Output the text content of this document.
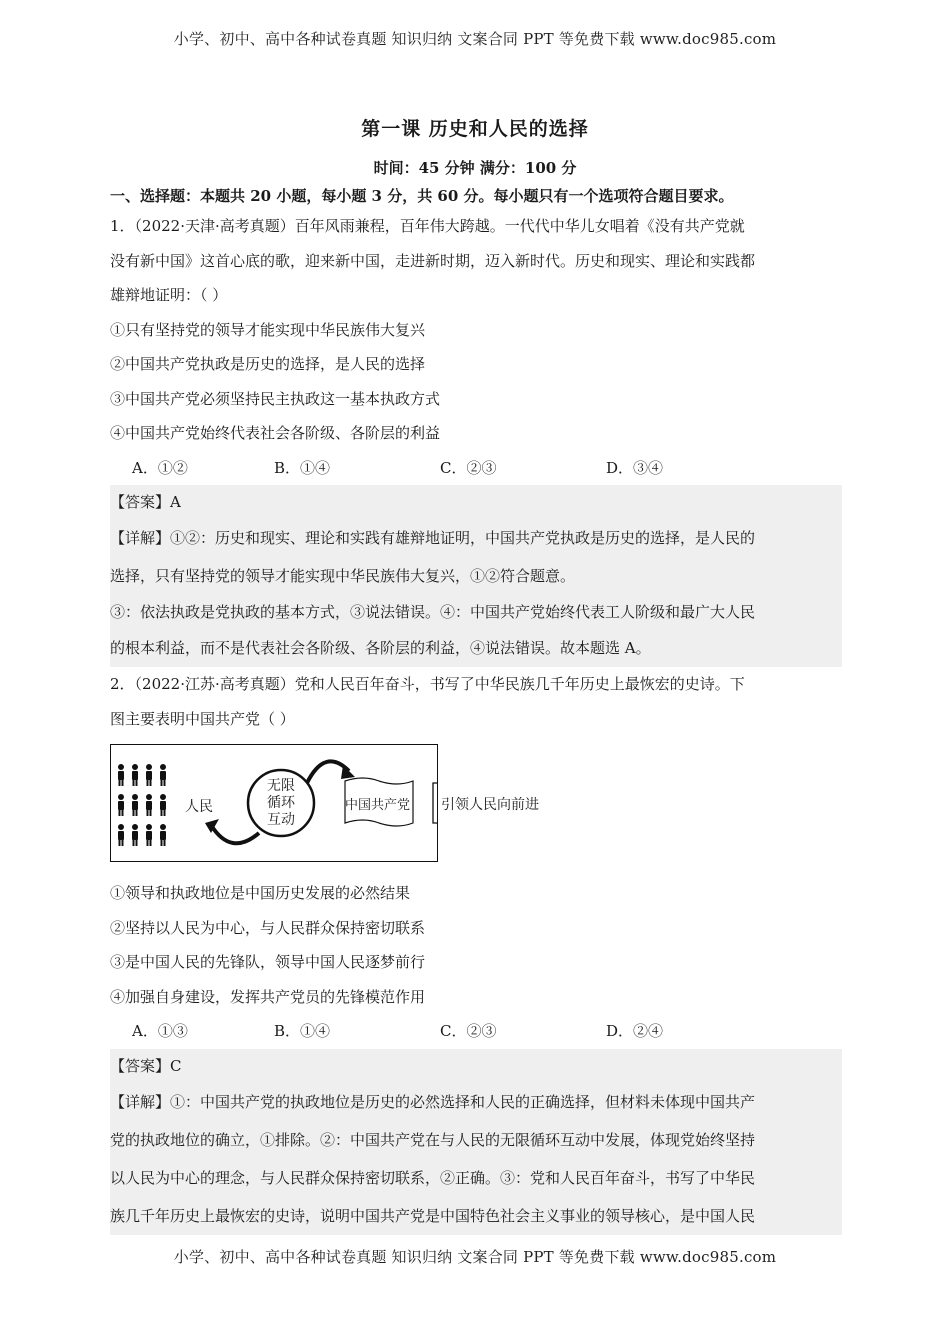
小学、初中、高中各种试卷真题 知识归纳 文案合同 PPT 等免费下载 www.doc985.com
第一课 历史和人民的选择
时间：45 分钟 满分：100 分
一、选择题：本题共 20 小题，每小题 3 分，共 60 分。每小题只有一个选项符合题目要求。
1．（2022·天津·高考真题）百年风雨兼程，百年伟大跨越。一代代中华儿女唱着《没有共产党就
没有新中国》这首心底的歌，迎来新中国，走进新时期，迈入新时代。历史和现实、理论和实践都
雄辩地证明：（ ）
①只有坚持党的领导才能实现中华民族伟大复兴
②中国共产党执政是历史的选择，是人民的选择
③中国共产党必须坚持民主执政这一基本执政方式
④中国共产党始终代表社会各阶级、各阶层的利益
A．①②	B．①④	C．②③	D．③④
【答案】A
【详解】①②：历史和现实、理论和实践有雄辩地证明，中国共产党执政是历史的选择，是人民的
选择，只有坚持党的领导才能实现中华民族伟大复兴，①②符合题意。
③：依法执政是党执政的基本方式，③说法错误。④：中国共产党始终代表工人阶级和最广大人民
的根本利益，而不是代表社会各阶级、各阶层的利益，④说法错误。故本题选 A。
2．（2022·江苏·高考真题）党和人民百年奋斗，书写了中华民族几千年历史上最恢宏的史诗。下
图主要表明中国共产党（ ）
人民
无限
循环
互动
中国共产党 引领人民向前进
①领导和执政地位是中国历史发展的必然结果
②坚持以人民为中心，与人民群众保持密切联系
③是中国人民的先锋队，领导中国人民逐梦前行
④加强自身建设，发挥共产党员的先锋模范作用
A．①③	B．①④	C．②③	D．②④
【答案】C
【详解】①：中国共产党的执政地位是历史的必然选择和人民的正确选择，但材料未体现中国共产
党的执政地位的确立，①排除。②：中国共产党在与人民的无限循环互动中发展，体现党始终坚持
以人民为中心的理念，与人民群众保持密切联系，②正确。③：党和人民百年奋斗，书写了中华民
族几千年历史上最恢宏的史诗，说明中国共产党是中国特色社会主义事业的领导核心，是中国人民
小学、初中、高中各种试卷真题 知识归纳 文案合同 PPT 等免费下载 www.doc985.com
